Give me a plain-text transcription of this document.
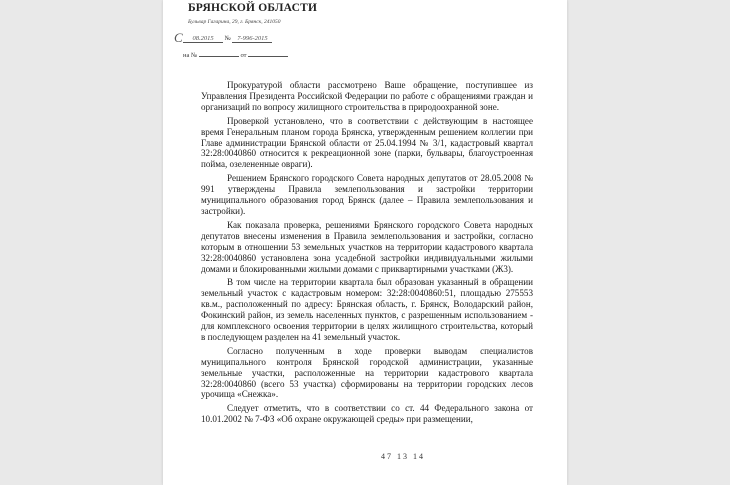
БРЯНСКОЙ ОБЛАСТИ
Бульвар Гагарина, 29, г. Брянск, 241050
С	08.2015 № 7-996-2015
на №	от

Прокуратурой области рассмотрено Ваше обращение, поступившее из Управления Президента Российской Федерации по работе с обращениями граждан и организаций по вопросу жилищного строительства в природоохранной зоне.

Проверкой установлено, что в соответствии с действующим в настоящее время Генеральным планом города Брянска, утвержденным решением коллегии при Главе администрации Брянской области от 25.04.1994 № 3/1, кадастровый квартал 32:28:0040860 относится к рекреационной зоне (парки, бульвары, благоустроенная пойма, озелененные овраги).

Решением Брянского городского Совета народных депутатов от 28.05.2008 № 991 утверждены Правила землепользования и застройки территории муниципального образования город Брянск (далее – Правила землепользования и застройки).

Как показала проверка, решениями Брянского городского Совета народных депутатов внесены изменения в Правила землепользования и застройки, согласно которым в отношении 53 земельных участков на территории кадастрового квартала 32:28:0040860 установлена зона усадебной застройки индивидуальными жилыми домами и блокированными жилыми домами с приквартирными участками (Ж3).

В том числе на территории квартала был образован указанный в обращении земельный участок с кадастровым номером: 32:28:0040860:51, площадью 275553 кв.м., расположенный по адресу: Брянская область, г. Брянск, Володарский район, Фокинский район, из земель населенных пунктов, с разрешенным использованием - для комплексного освоения территории в целях жилищного строительства, который в последующем разделен на 41 земельный участок.

Согласно полученным в ходе проверки выводам специалистов муниципального контроля Брянской городской администрации, указанные земельные участки, расположенные на территории кадастрового квартала 32:28:0040860 (всего 53 участка) сформированы на территории городских лесов урочища «Снежка».

Следует отметить, что в соответствии со ст. 44 Федерального закона от 10.01.2002 № 7-ФЗ «Об охране окружающей среды» при размещении,

47 13 14
